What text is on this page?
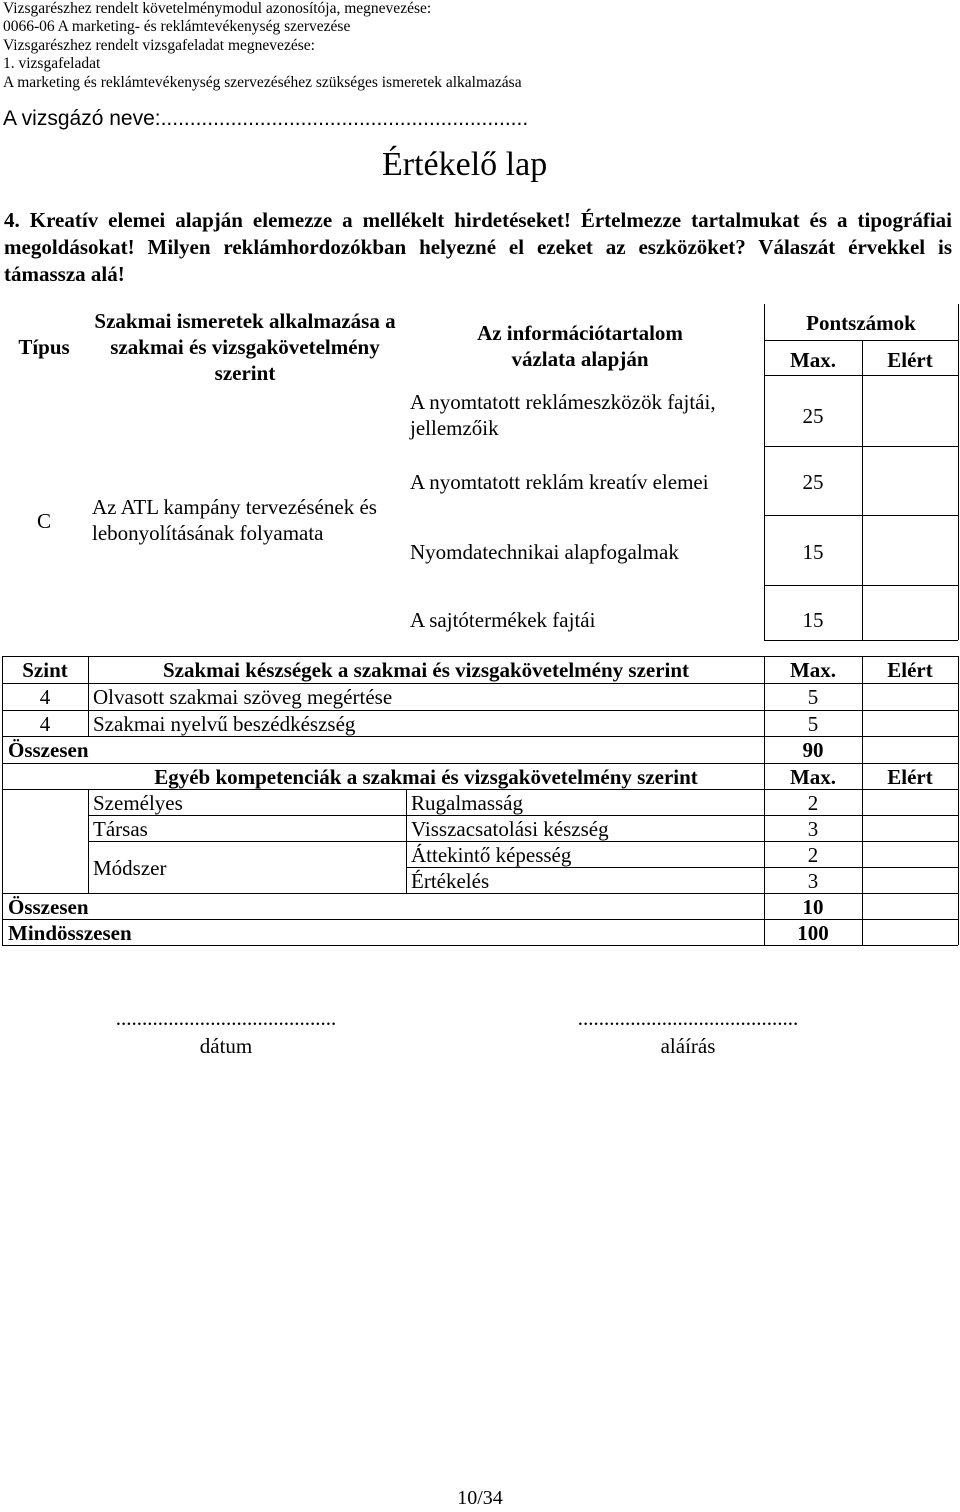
Vizsgarészhez rendelt követelménymodul azonosítója, megnevezése:
0066-06 A marketing- és reklámtevékenység szervezése
Vizsgarészhez rendelt vizsgafeladat megnevezése:
1. vizsgafeladat
A marketing és reklámtevékenység szervezéséhez szükséges ismeretek alkalmazása
A vizsgázó neve:...............................................................
Értékelő lap
4. Kreatív elemei alapján elemezze a mellékelt hirdetéseket! Értelmezze tartalmukat és a tipográfiai megoldásokat! Milyen reklámhordozókban helyezné el ezeket az eszközöket? Válaszát érvekkel is támassza alá!
Típus
Szakmai ismeretek alkalmazása a szakmai és vizsgakövetelmény szerint
Az információtartalom vázlata alapján
Pontszámok
Max.	Elért
C
Az ATL kampány tervezésének és lebonyolításának folyamata
A nyomtatott reklámeszközök fajtái, jellemzőik	25
A nyomtatott reklám kreatív elemei	25
Nyomdatechnikai alapfogalmak	15
A sajtótermékek fajtái	15
Szint	Szakmai készségek a szakmai és vizsgakövetelmény szerint	Max.	Elért
4	Olvasott szakmai szöveg megértése	5
4	Szakmai nyelvű beszédkészség	5
Összesen	90
Egyéb kompetenciák a szakmai és vizsgakövetelmény szerint	Max.	Elért
Személyes	Rugalmasság	2
Társas	Visszacsatolási készség	3
Módszer
Áttekintő képesség	2
Értékelés	3
Összesen	10
Mindösszesen	100
..........................................
dátum
..........................................
aláírás
10/34
